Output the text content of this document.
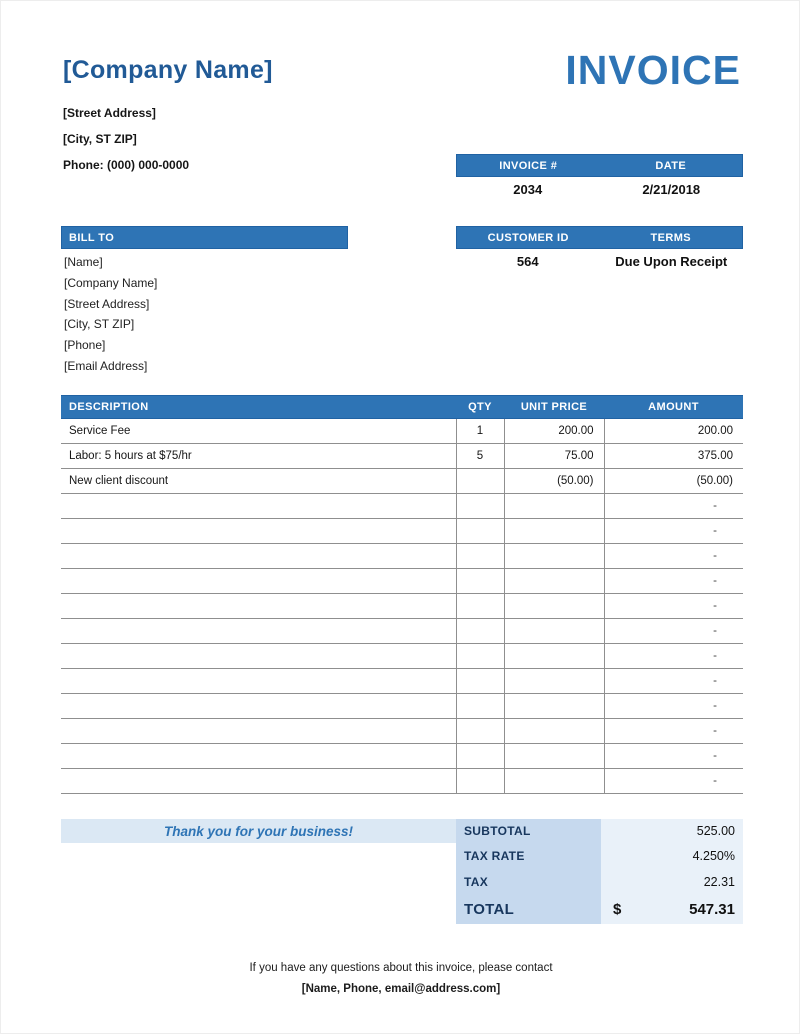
[Company Name]
[Street Address]
[City, ST ZIP]
Phone: (000) 000-0000
INVOICE
INVOICE #	DATE
2034	2/21/2018
BILL TO
[Name]
[Company Name]
[Street Address]
[City, ST ZIP]
[Phone]
[Email Address]
CUSTOMER ID	TERMS
564	Due Upon Receipt
DESCRIPTION	QTY	UNIT PRICE	AMOUNT
Service Fee	1	200.00	200.00
Labor: 5 hours at $75/hr	5	75.00	375.00
New client discount		(50.00)	(50.00)
			-
			-
			-
			-
			-
			-
			-
			-
			-
			-
			-
			-
Thank you for your business!	SUBTOTAL	525.00
TAX RATE	4.250%
TAX	22.31
TOTAL	$	547.31
If you have any questions about this invoice, please contact
[Name, Phone, email@address.com]
